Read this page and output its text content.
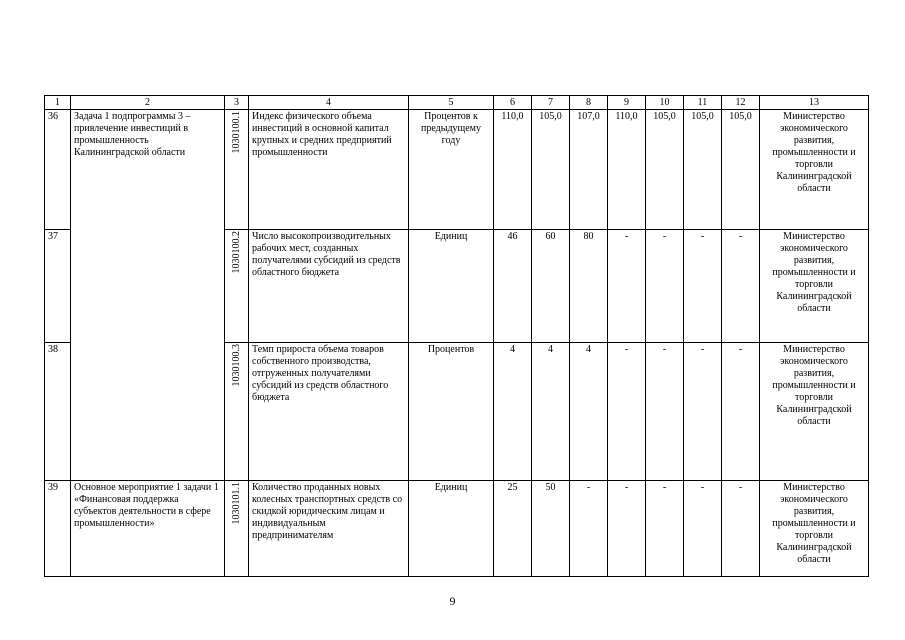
1	2	3	4	5	6	7	8	9	10	11	12	13
36	Задача 1 подпрограммы 3 – привлечение инвестиций в промышленность Калининградской области	1030100.1	Индекс физического объема инвестиций в основной капитал крупных и средних предприятий промышленности	Процентов к предыдущему году	110,0	105,0	107,0	110,0	105,0	105,0	105,0	Министерство экономического развития, промышленности и торговли Калининградской области
37		1030100.2	Число высокопроизводительных рабочих мест, созданных получателями субсидий из средств областного бюджета	Единиц	46	60	80	-	-	-	-	Министерство экономического развития, промышленности и торговли Калининградской области
38		1030100.3	Темп прироста объема товаров собственного производства, отгруженных получателями субсидий из средств областного бюджета	Процентов	4	4	4	-	-	-	-	Министерство экономического развития, промышленности и торговли Калининградской области
39	Основное мероприятие 1 задачи 1 «Финансовая поддержка субъектов деятельности в сфере промышленности»	1030101.1	Количество проданных новых колесных транспортных средств со скидкой юридическим лицам и индивидуальным предпринимателям	Единиц	25	50	-	-	-	-	-	Министерство экономического развития, промышленности и торговли Калининградской области
9
